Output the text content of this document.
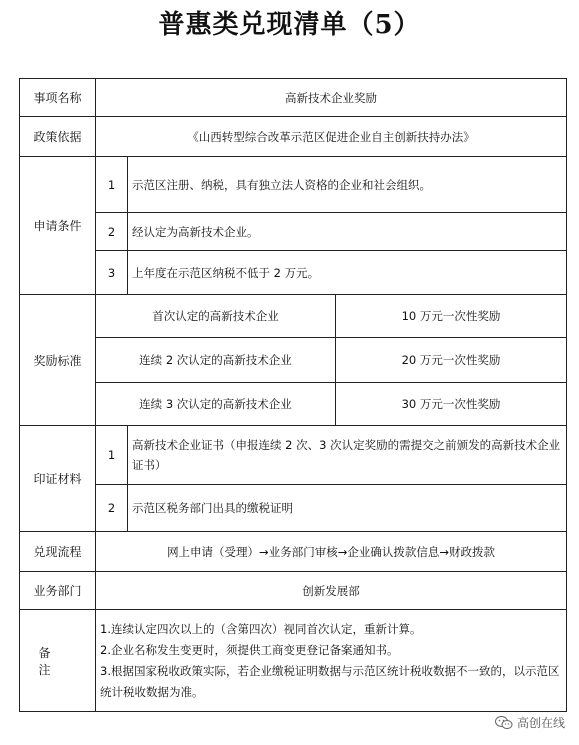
普惠类兑现清单（5）
事项名称	高新技术企业奖励		
政策依据	《山西转型综合改革示范区促进企业自主创新扶持办法》		
申请条件	1	示范区注册、纳税，具有独立法人资格的企业和社会组织。	
	2	经认定为高新技术企业。	
	3	上年度在示范区纳税不低于 2 万元。	
奖励标准	首次认定的高新技术企业		10 万元一次性奖励
	连续 2 次认定的高新技术企业		20 万元一次性奖励
	连续 3 次认定的高新技术企业		30 万元一次性奖励
印证材料	1	高新技术企业证书（申报连续 2 次、3 次认定奖励的需提交之前颁发的高新技术企业证书）	
	2	示范区税务部门出具的缴税证明	
兑现流程	网上申请（受理）→业务部门审核→企业确认拨款信息→财政拨款		
业务部门	创新发展部		
备注	1.连续认定四次以上的（含第四次）视同首次认定，重新计算。
2.企业名称发生变更时，须提供工商变更登记备案通知书。
3.根据国家税收政策实际，若企业缴税证明数据与示范区统计税收数据不一致的，以示范区统计税收数据为准。		
高创在线
